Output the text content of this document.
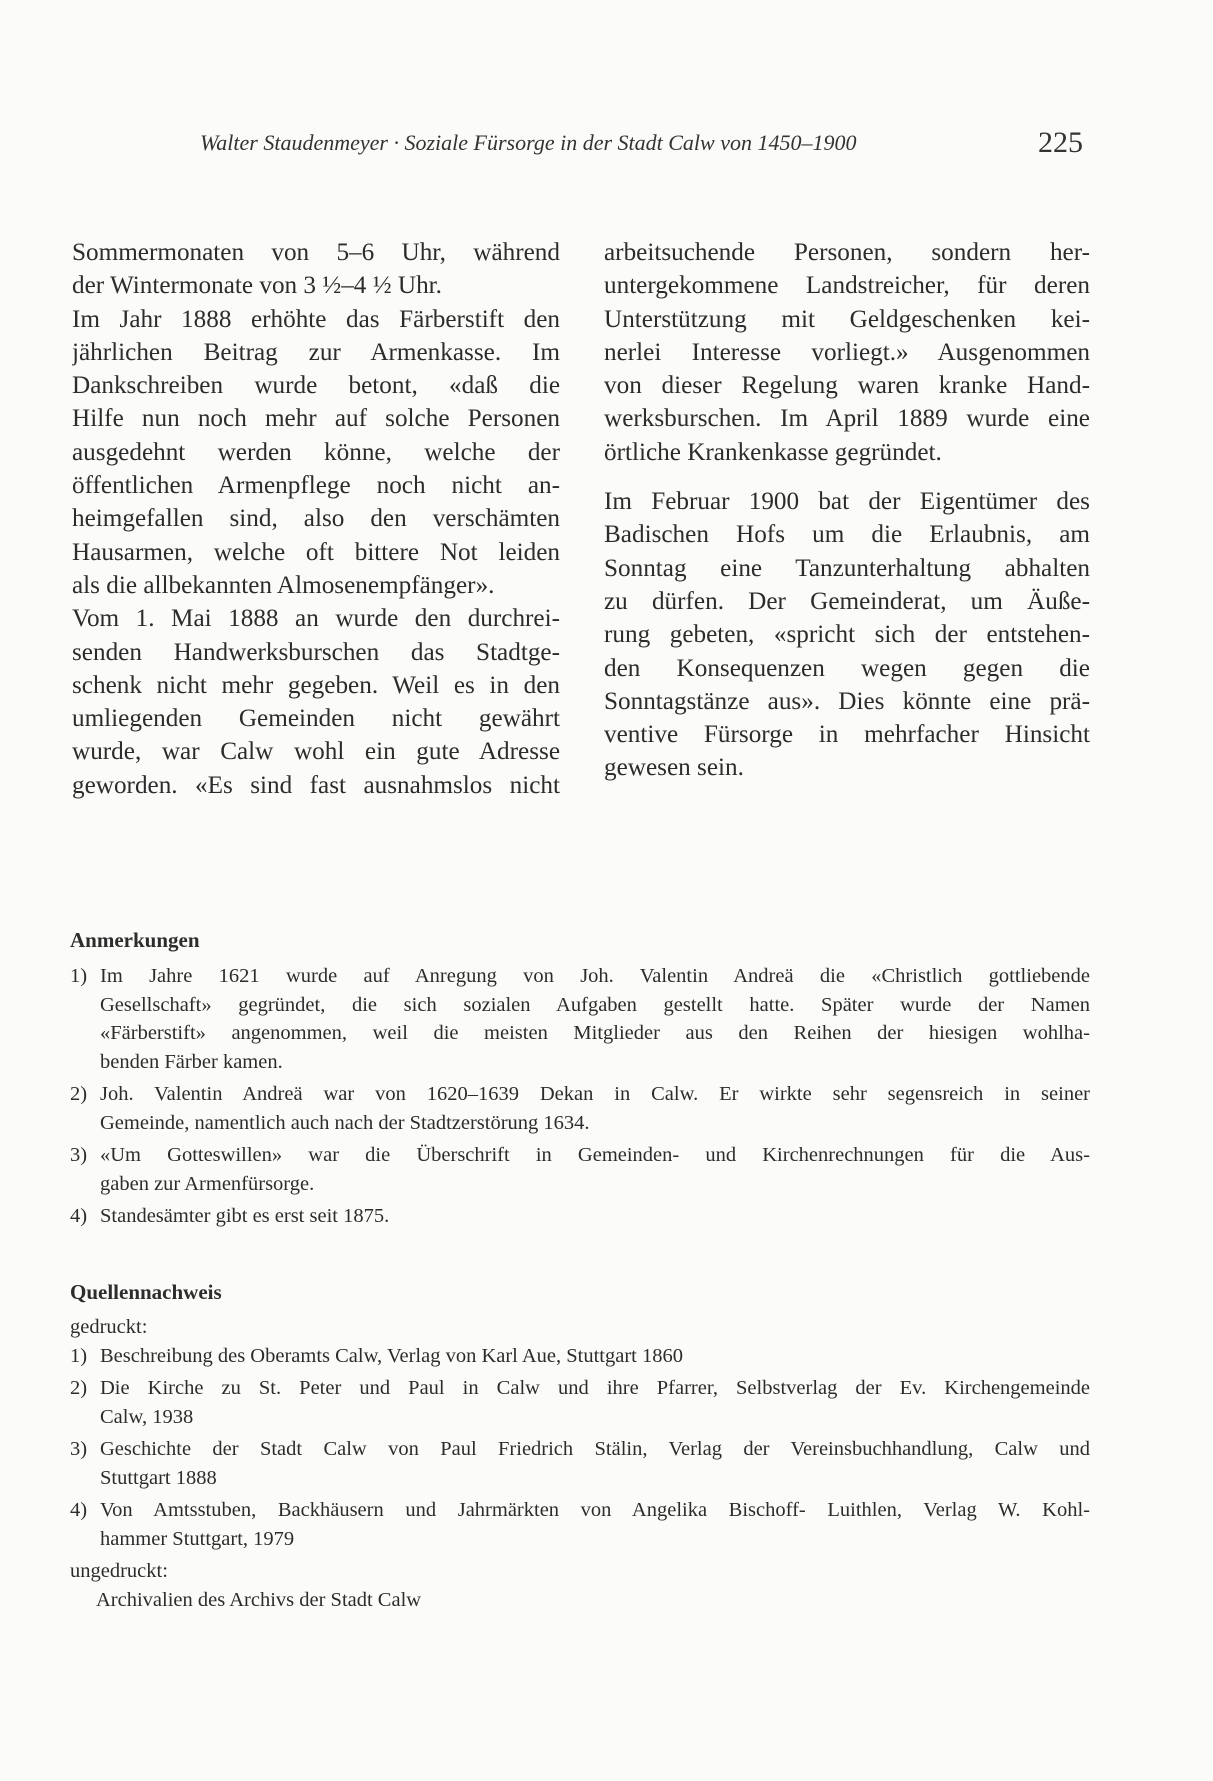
Walter Staudenmeyer · Soziale Fürsorge in der Stadt Calw von 1450–1900	225
Sommermonaten von 5–6 Uhr, während
der Wintermonate von 3 ½–4 ½ Uhr.
Im Jahr 1888 erhöhte das Färberstift den
jährlichen Beitrag zur Armenkasse. Im
Dankschreiben wurde betont, «daß die
Hilfe nun noch mehr auf solche Personen
ausgedehnt werden könne, welche der
öffentlichen Armenpflege noch nicht an-
heimgefallen sind, also den verschämten
Hausarmen, welche oft bittere Not leiden
als die allbekannten Almosenempfänger».
Vom 1. Mai 1888 an wurde den durchrei-
senden Handwerksburschen das Stadtge-
schenk nicht mehr gegeben. Weil es in den
umliegenden Gemeinden nicht gewährt
wurde, war Calw wohl ein gute Adresse
geworden. «Es sind fast ausnahmslos nicht
arbeitsuchende Personen, sondern her-
untergekommene Landstreicher, für deren
Unterstützung mit Geldgeschenken kei-
nerlei Interesse vorliegt.» Ausgenommen
von dieser Regelung waren kranke Hand-
werksburschen. Im April 1889 wurde eine
örtliche Krankenkasse gegründet.
Im Februar 1900 bat der Eigentümer des
Badischen Hofs um die Erlaubnis, am
Sonntag eine Tanzunterhaltung abhalten
zu dürfen. Der Gemeinderat, um Äuße-
rung gebeten, «spricht sich der entstehen-
den Konsequenzen wegen gegen die
Sonntagstänze aus». Dies könnte eine prä-
ventive Fürsorge in mehrfacher Hinsicht
gewesen sein.
Anmerkungen
1) Im Jahre 1621 wurde auf Anregung von Joh. Valentin Andreä die «Christlich gottliebende
Gesellschaft» gegründet, die sich sozialen Aufgaben gestellt hatte. Später wurde der Namen
«Färberstift» angenommen, weil die meisten Mitglieder aus den Reihen der hiesigen wohlha-
benden Färber kamen.
2) Joh. Valentin Andreä war von 1620–1639 Dekan in Calw. Er wirkte sehr segensreich in seiner
Gemeinde, namentlich auch nach der Stadtzerstörung 1634.
3) «Um Gotteswillen» war die Überschrift in Gemeinden- und Kirchenrechnungen für die Aus-
gaben zur Armenfürsorge.
4) Standesämter gibt es erst seit 1875.
Quellennachweis
gedruckt:
1) Beschreibung des Oberamts Calw, Verlag von Karl Aue, Stuttgart 1860
2) Die Kirche zu St. Peter und Paul in Calw und ihre Pfarrer, Selbstverlag der Ev. Kirchengemeinde
Calw, 1938
3) Geschichte der Stadt Calw von Paul Friedrich Stälin, Verlag der Vereinsbuchhandlung, Calw und
Stuttgart 1888
4) Von Amtsstuben, Backhäusern und Jahrmärkten von Angelika Bischoff- Luithlen, Verlag W. Kohl-
hammer Stuttgart, 1979
ungedruckt:
Archivalien des Archivs der Stadt Calw
